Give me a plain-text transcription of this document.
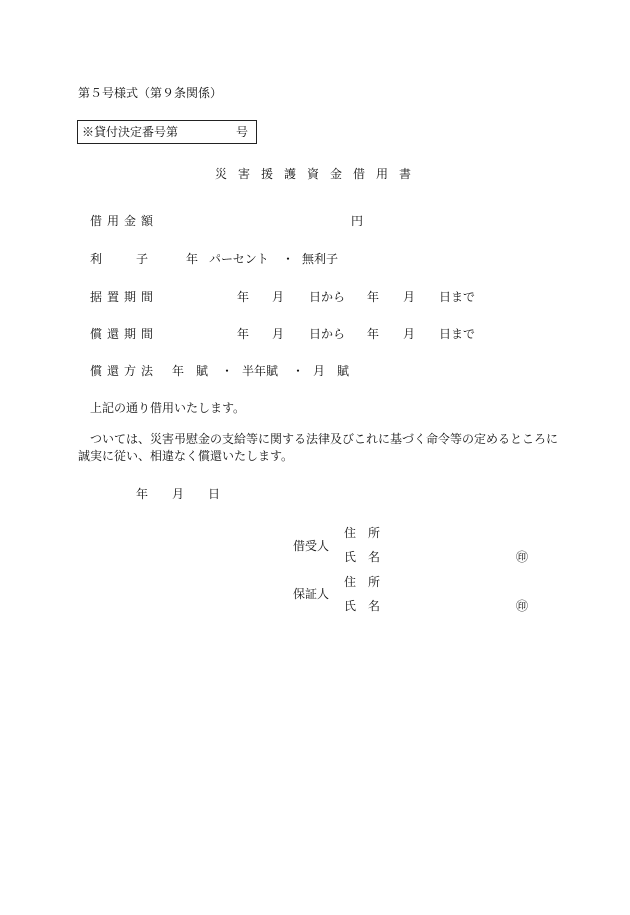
第５号様式（第９条関係）
※貸付決定番号第	号
災 害 援 護 資 金 借 用 書
借 用 金 額	円
利	子	年 パーセント ・ 無利子
据 置 期 間	年 月 日から 年 月 日まで
償 還 期 間	年 月 日から 年 月 日まで
償 還 方 法 年　賦 ・ 半年賦 ・ 月　賦
上記の通り借用いたします。
ついては、災害弔慰金の支給等に関する法律及びこれに基づく命令等の定めるところに
誠実に従い、相違なく償還いたします。
年 月 日
借受人
住　所
氏　名	㊞
保証人
住　所
氏　名	㊞
